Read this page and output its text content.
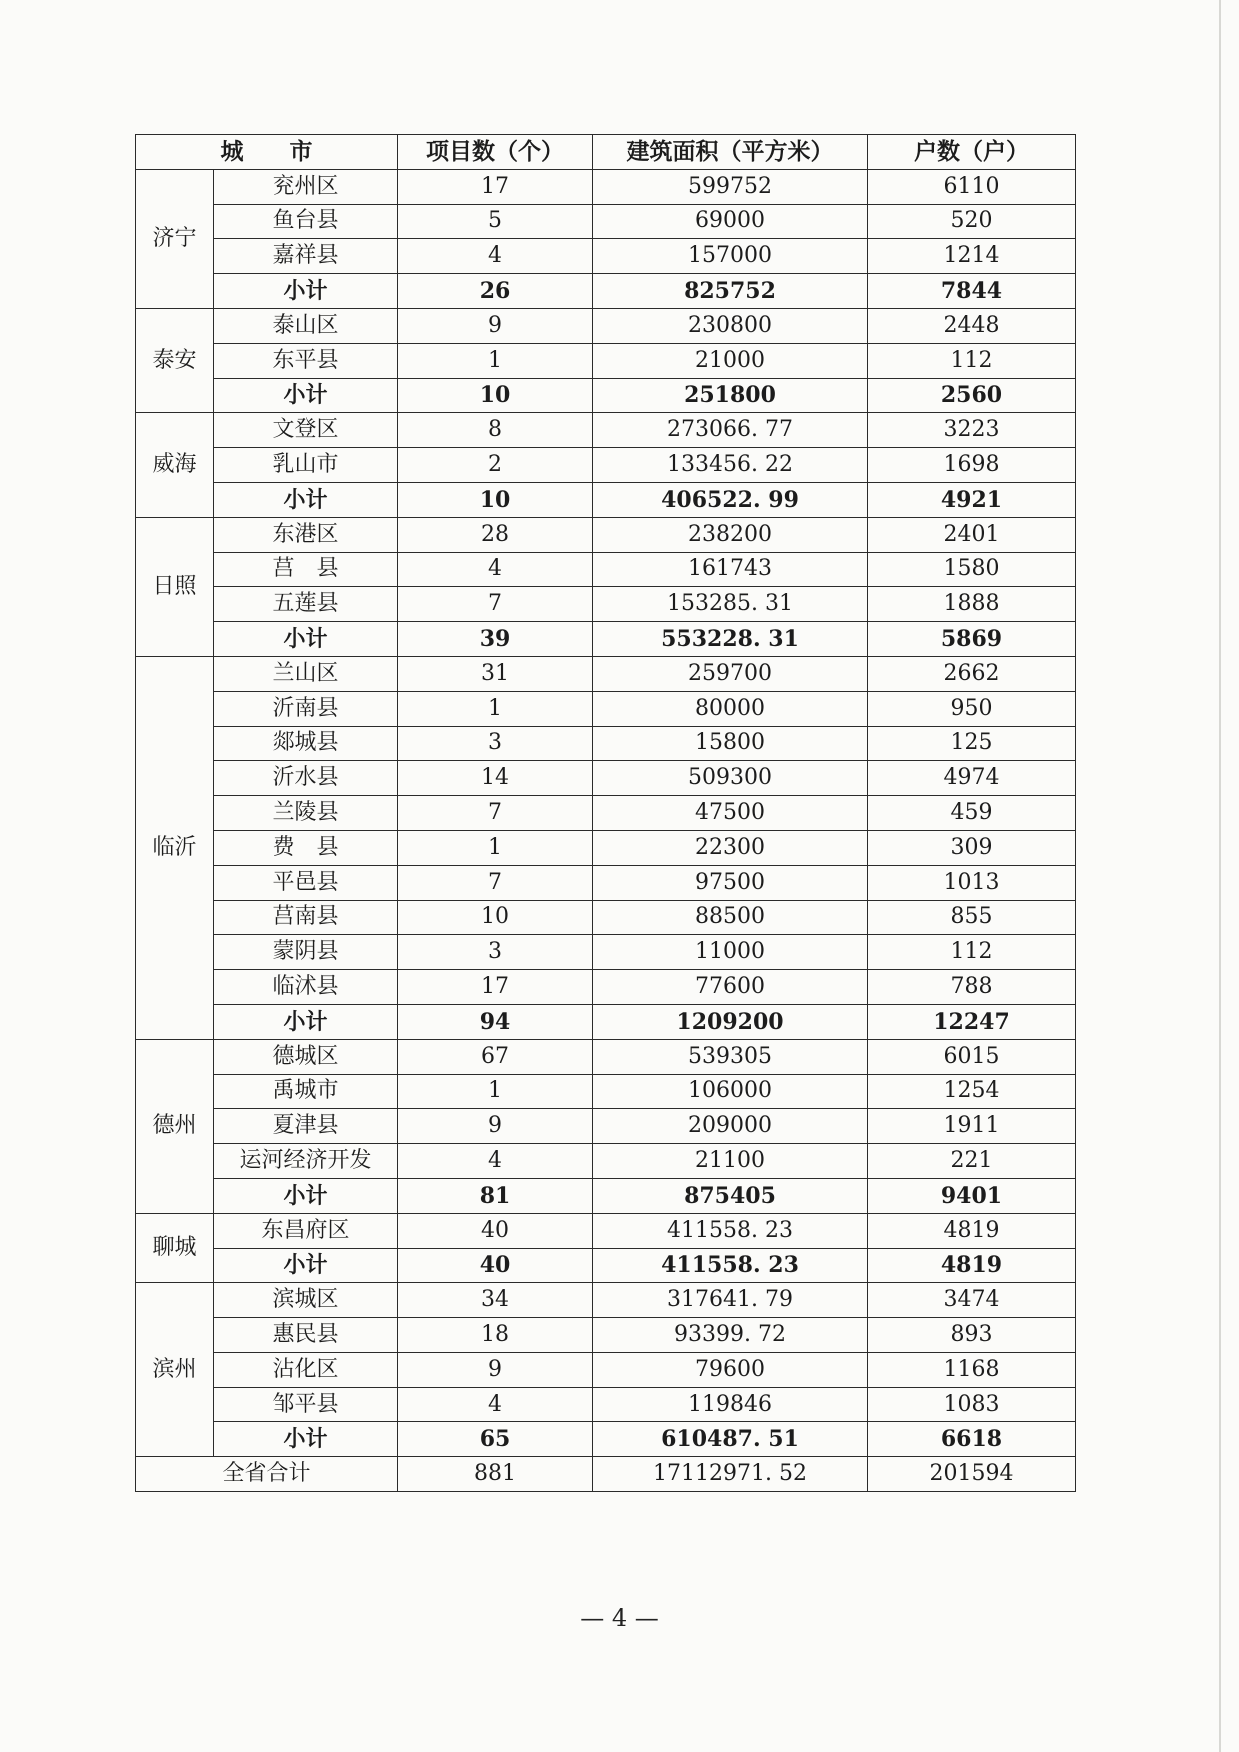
城　　市		项目数（个）	建筑面积（平方米）	户数（户）
济宁	兖州区	17	599752	6110
	鱼台县	5	69000	520
	嘉祥县	4	157000	1214
	小计	26	825752	7844
泰安	泰山区	9	230800	2448
	东平县	1	21000	112
	小计	10	251800	2560
威海	文登区	8	273066. 77	3223
	乳山市	2	133456. 22	1698
	小计	10	406522. 99	4921
日照	东港区	28	238200	2401
	莒　县	4	161743	1580
	五莲县	7	153285. 31	1888
	小计	39	553228. 31	5869
临沂	兰山区	31	259700	2662
	沂南县	1	80000	950
	郯城县	3	15800	125
	沂水县	14	509300	4974
	兰陵县	7	47500	459
	费　县	1	22300	309
	平邑县	7	97500	1013
	莒南县	10	88500	855
	蒙阴县	3	11000	112
	临沭县	17	77600	788
	小计	94	1209200	12247
德州	德城区	67	539305	6015
	禹城市	1	106000	1254
	夏津县	9	209000	1911
	运河经济开发	4	21100	221
	小计	81	875405	9401
聊城	东昌府区	40	411558. 23	4819
	小计	40	411558. 23	4819
滨州	滨城区	34	317641. 79	3474
	惠民县	18	93399. 72	893
	沾化区	9	79600	1168
	邹平县	4	119846	1083
	小计	65	610487. 51	6618
全省合计		881	17112971. 52	201594
— 4 —
